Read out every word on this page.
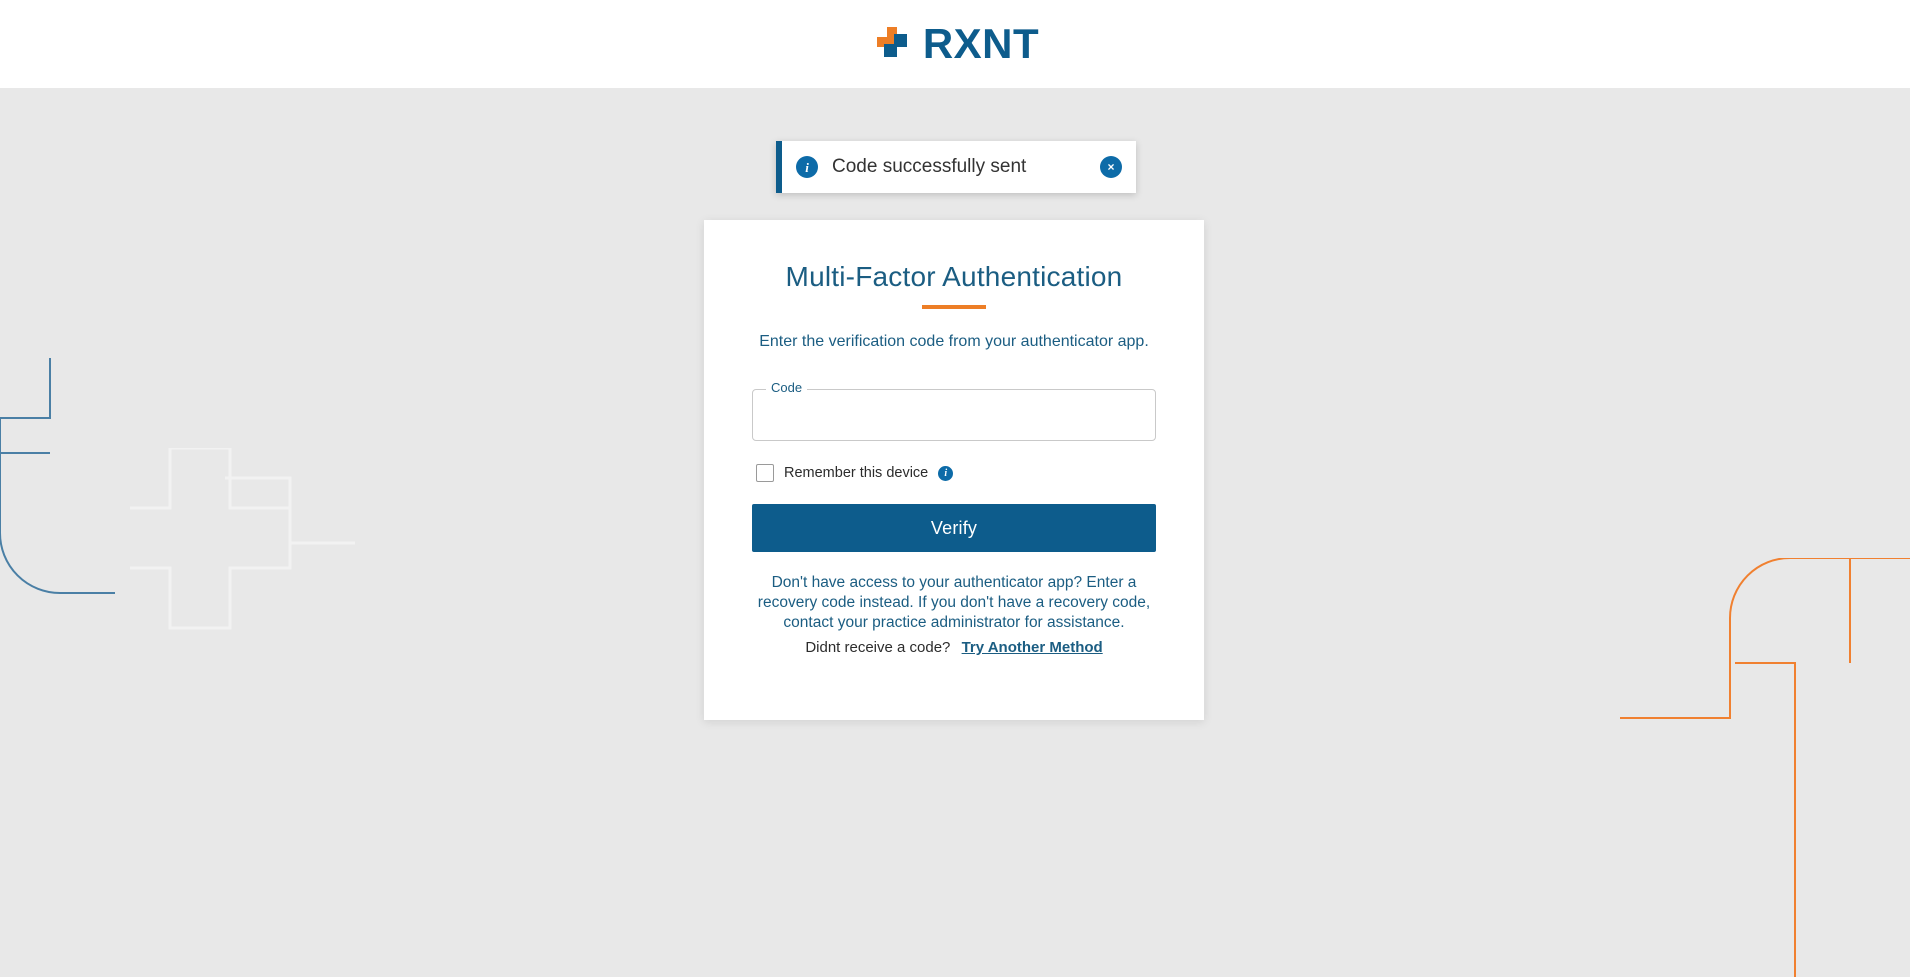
RXNT
i	Code successfully sent	×
Multi-Factor Authentication

Enter the verification code from your authenticator app.

Code
Remember this device	i
Verify

Don't have access to your authenticator app? Enter a recovery code instead. If you don't have a recovery code, contact your practice administrator for assistance.

Didnt receive a code? Try Another Method
